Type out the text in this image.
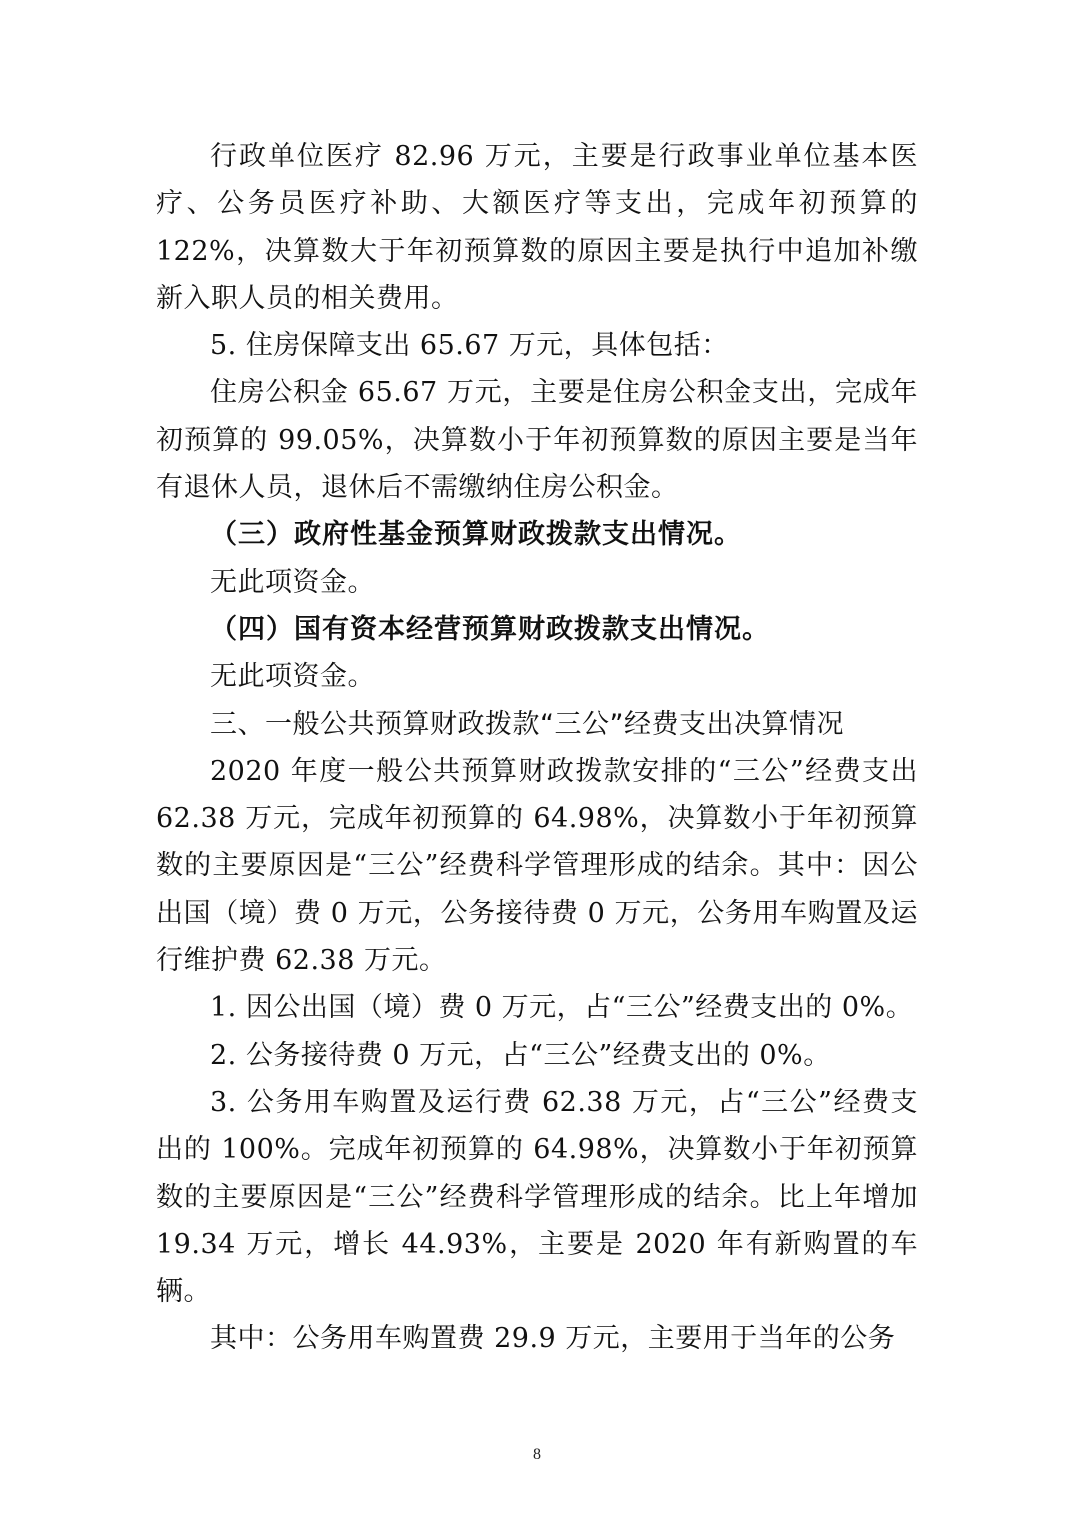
行政单位医疗 82.96 万元，主要是行政事业单位基本医疗、公务员医疗补助、大额医疗等支出，完成年初预算的 122%，决算数大于年初预算数的原因主要是执行中追加补缴新入职人员的相关费用。

5. 住房保障支出 65.67 万元，具体包括：

住房公积金 65.67 万元，主要是住房公积金支出，完成年初预算的 99.05%，决算数小于年初预算数的原因主要是当年有退休人员，退休后不需缴纳住房公积金。

（三）政府性基金预算财政拨款支出情况。

无此项资金。

（四）国有资本经营预算财政拨款支出情况。

无此项资金。

三、一般公共预算财政拨款“三公”经费支出决算情况

2020 年度一般公共预算财政拨款安排的“三公”经费支出 62.38 万元，完成年初预算的 64.98%，决算数小于年初预算数的主要原因是“三公”经费科学管理形成的结余。其中：因公出国（境）费 0 万元，公务接待费 0 万元，公务用车购置及运行维护费 62.38 万元。

1. 因公出国（境）费 0 万元，占“三公”经费支出的 0%。

2. 公务接待费 0 万元，占“三公”经费支出的 0%。

3. 公务用车购置及运行费 62.38 万元，占“三公”经费支出的 100%。完成年初预算的 64.98%，决算数小于年初预算数的主要原因是“三公”经费科学管理形成的结余。比上年增加 19.34 万元，增长 44.93%，主要是 2020 年有新购置的车辆。

其中：公务用车购置费 29.9 万元，主要用于当年的公务

8
